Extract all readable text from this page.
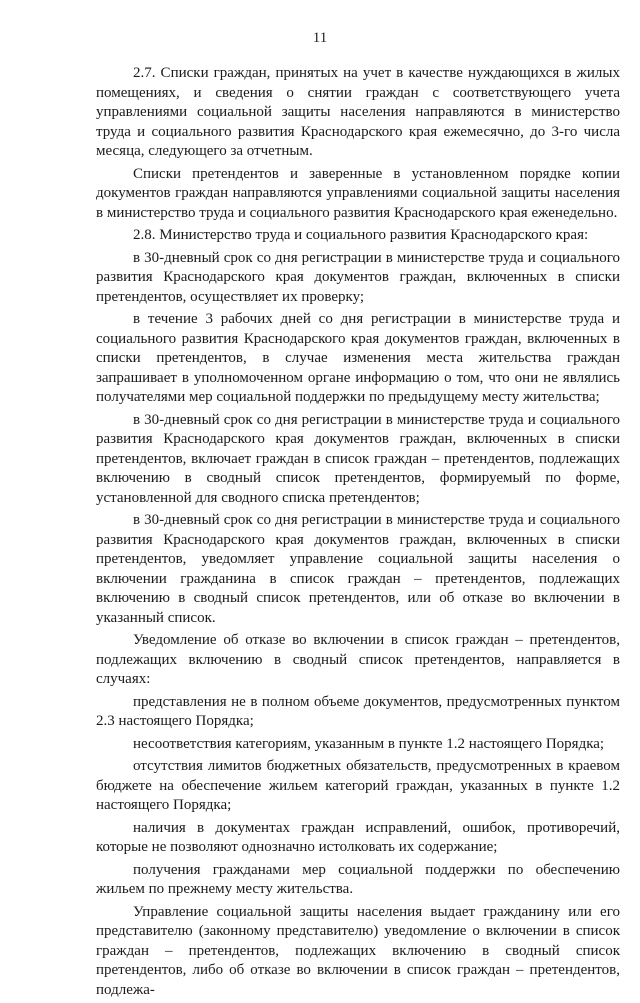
11

2.7. Списки граждан, принятых на учет в качестве нуждающихся в жилых помещениях, и сведения о снятии граждан с соответствующего учета управлениями социальной защиты населения направляются в министерство труда и социального развития Краснодарского края ежемесячно, до 3-го числа месяца, следующего за отчетным.

Списки претендентов и заверенные в установленном порядке копии документов граждан направляются управлениями социальной защиты населения в министерство труда и социального развития Краснодарского края еженедельно.

2.8. Министерство труда и социального развития Краснодарского края:

в 30-дневный срок со дня регистрации в министерстве труда и социального развития Краснодарского края документов граждан, включенных в списки претендентов, осуществляет их проверку;

в течение 3 рабочих дней со дня регистрации в министерстве труда и социального развития Краснодарского края документов граждан, включенных в списки претендентов, в случае изменения места жительства граждан запрашивает в уполномоченном органе информацию о том, что они не являлись получателями мер социальной поддержки по предыдущему месту жительства;

в 30-дневный срок со дня регистрации в министерстве труда и социального развития Краснодарского края документов граждан, включенных в списки претендентов, включает граждан в список граждан – претендентов, подлежащих включению в сводный список претендентов, формируемый по форме, установленной для сводного списка претендентов;

в 30-дневный срок со дня регистрации в министерстве труда и социального развития Краснодарского края документов граждан, включенных в списки претендентов, уведомляет управление социальной защиты населения о включении гражданина в список граждан – претендентов, подлежащих включению в сводный список претендентов, или об отказе во включении в указанный список.

Уведомление об отказе во включении в список граждан – претендентов, подлежащих включению в сводный список претендентов, направляется в случаях:

представления не в полном объеме документов, предусмотренных пунктом 2.3 настоящего Порядка;

несоответствия категориям, указанным в пункте 1.2 настоящего Порядка;

отсутствия лимитов бюджетных обязательств, предусмотренных в краевом бюджете на обеспечение жильем категорий граждан, указанных в пункте 1.2 настоящего Порядка;

наличия в документах граждан исправлений, ошибок, противоречий, которые не позволяют однозначно истолковать их содержание;

получения гражданами мер социальной поддержки по обеспечению жильем по прежнему месту жительства.

Управление социальной защиты населения выдает гражданину или его представителю (законному представителю) уведомление о включении в список граждан – претендентов, подлежащих включению в сводный список претендентов, либо об отказе во включении в список граждан – претендентов, подлежа-
